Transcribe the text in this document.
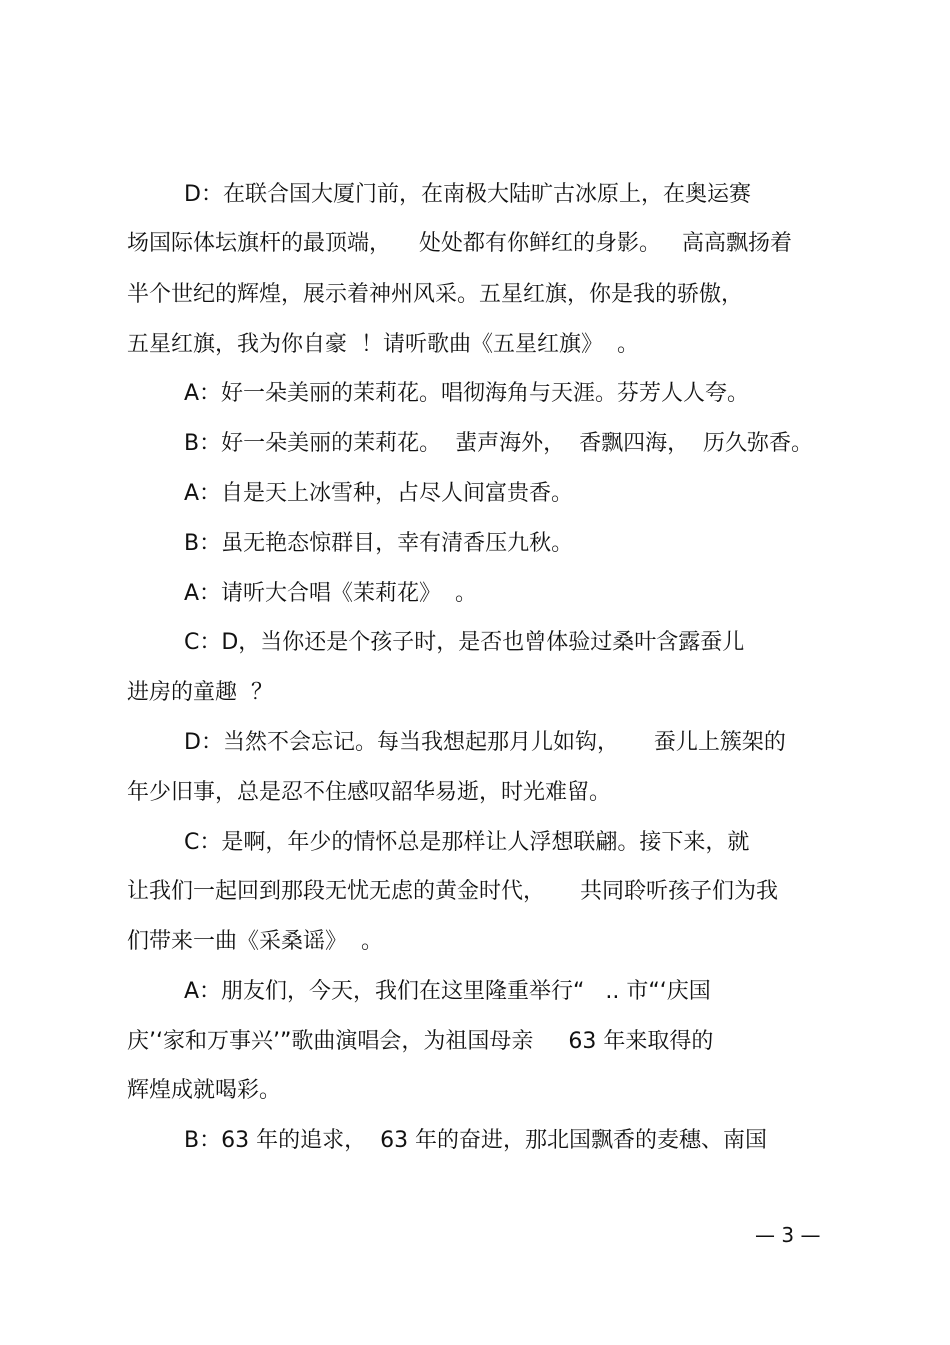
D：在联合国大厦门前，在南极大陆旷古冰原上，在奥运赛
场国际体坛旗杆的最顶端，    处处都有你鲜红的身影。   高高飘扬着
半个世纪的辉煌，展示着神州风采。五星红旗，你是我的骄傲，
五星红旗，我为你自豪  ！请听歌曲《五星红旗》  。
A：好一朵美丽的茉莉花。唱彻海角与天涯。芬芳人人夸。
B：好一朵美丽的茉莉花。  蜚声海外，  香飘四海，  历久弥香。
A：自是天上冰雪种，占尽人间富贵香。
B：虽无艳态惊群目，幸有清香压九秋。
A：请听大合唱《茉莉花》  。
C：D，当你还是个孩子时，是否也曾体验过桑叶含露蚕儿
进房的童趣  ？
D：当然不会忘记。每当我想起那月儿如钩，     蚕儿上簇架的
年少旧事，总是忍不住感叹韶华易逝，时光难留。
C：是啊，年少的情怀总是那样让人浮想联翩。接下来，就
让我们一起回到那段无忧无虑的黄金时代，     共同聆听孩子们为我
们带来一曲《采桑谣》  。
A：朋友们，今天，我们在这里隆重举行“   .. 市“‘庆国
庆’‘家和万事兴’”歌曲演唱会，为祖国母亲     63 年来取得的
辉煌成就喝彩。
B：63 年的追求，  63 年的奋进，那北国飘香的麦穗、南国
— 3 —
